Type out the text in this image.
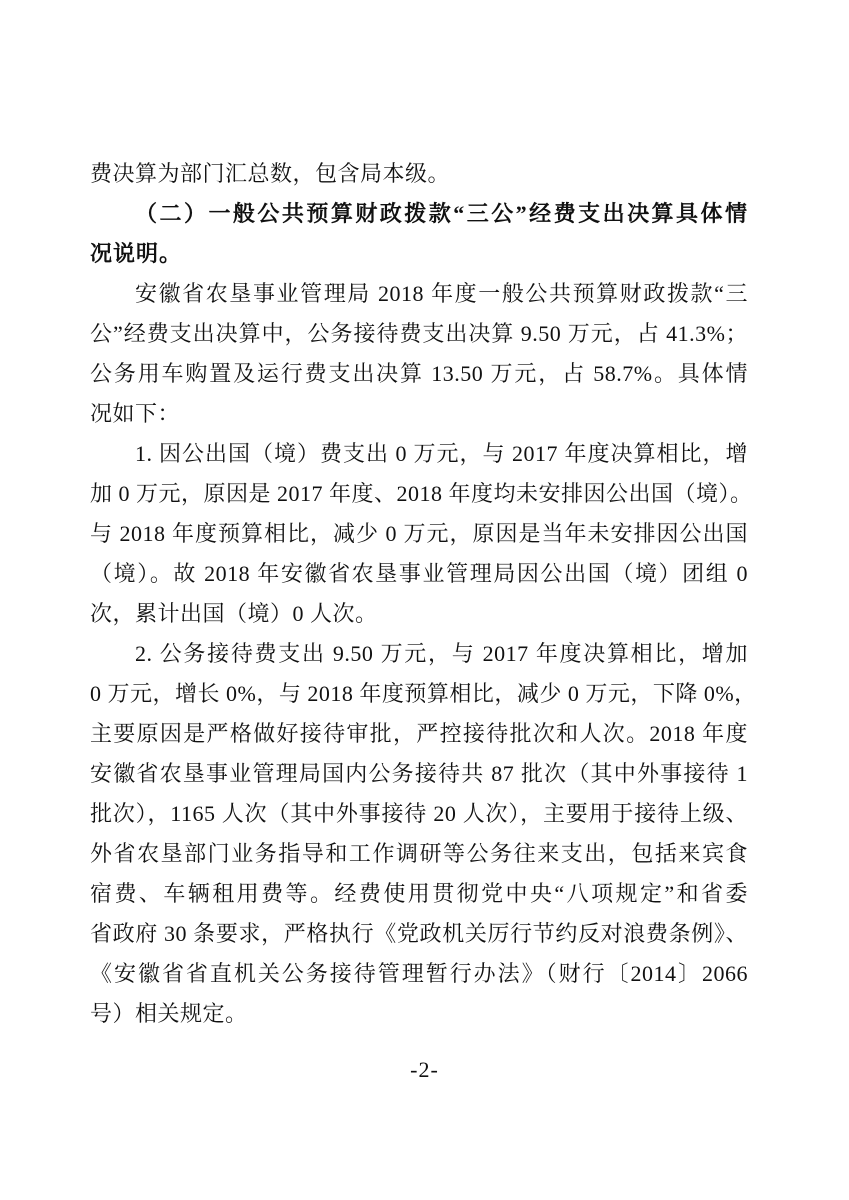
费决算为部门汇总数，包含局本级。
（二）一般公共预算财政拨款“三公”经费支出决算具体情
况说明。
安徽省农垦事业管理局 2018 年度一般公共预算财政拨款“三
公”经费支出决算中，公务接待费支出决算 9.50 万元，占 41.3%；
公务用车购置及运行费支出决算 13.50 万元，占 58.7%。具体情
况如下：
1. 因公出国（境）费支出 0 万元，与 2017 年度决算相比，增
加 0 万元，原因是 2017 年度、2018 年度均未安排因公出国（境）。
与 2018 年度预算相比，减少 0 万元，原因是当年未安排因公出国
（境）。故 2018 年安徽省农垦事业管理局因公出国（境）团组 0
次，累计出国（境）0 人次。
2. 公务接待费支出 9.50 万元，与 2017 年度决算相比，增加
0 万元，增长 0%，与 2018 年度预算相比，减少 0 万元，下降 0%，
主要原因是严格做好接待审批，严控接待批次和人次。2018 年度
安徽省农垦事业管理局国内公务接待共 87 批次（其中外事接待 1
批次），1165 人次（其中外事接待 20 人次），主要用于接待上级、
外省农垦部门业务指导和工作调研等公务往来支出，包括来宾食
宿费、车辆租用费等。经费使用贯彻党中央“八项规定”和省委
省政府 30 条要求，严格执行《党政机关厉行节约反对浪费条例》、
《安徽省省直机关公务接待管理暂行办法》（财行〔2014〕2066
号）相关规定。
-2-
